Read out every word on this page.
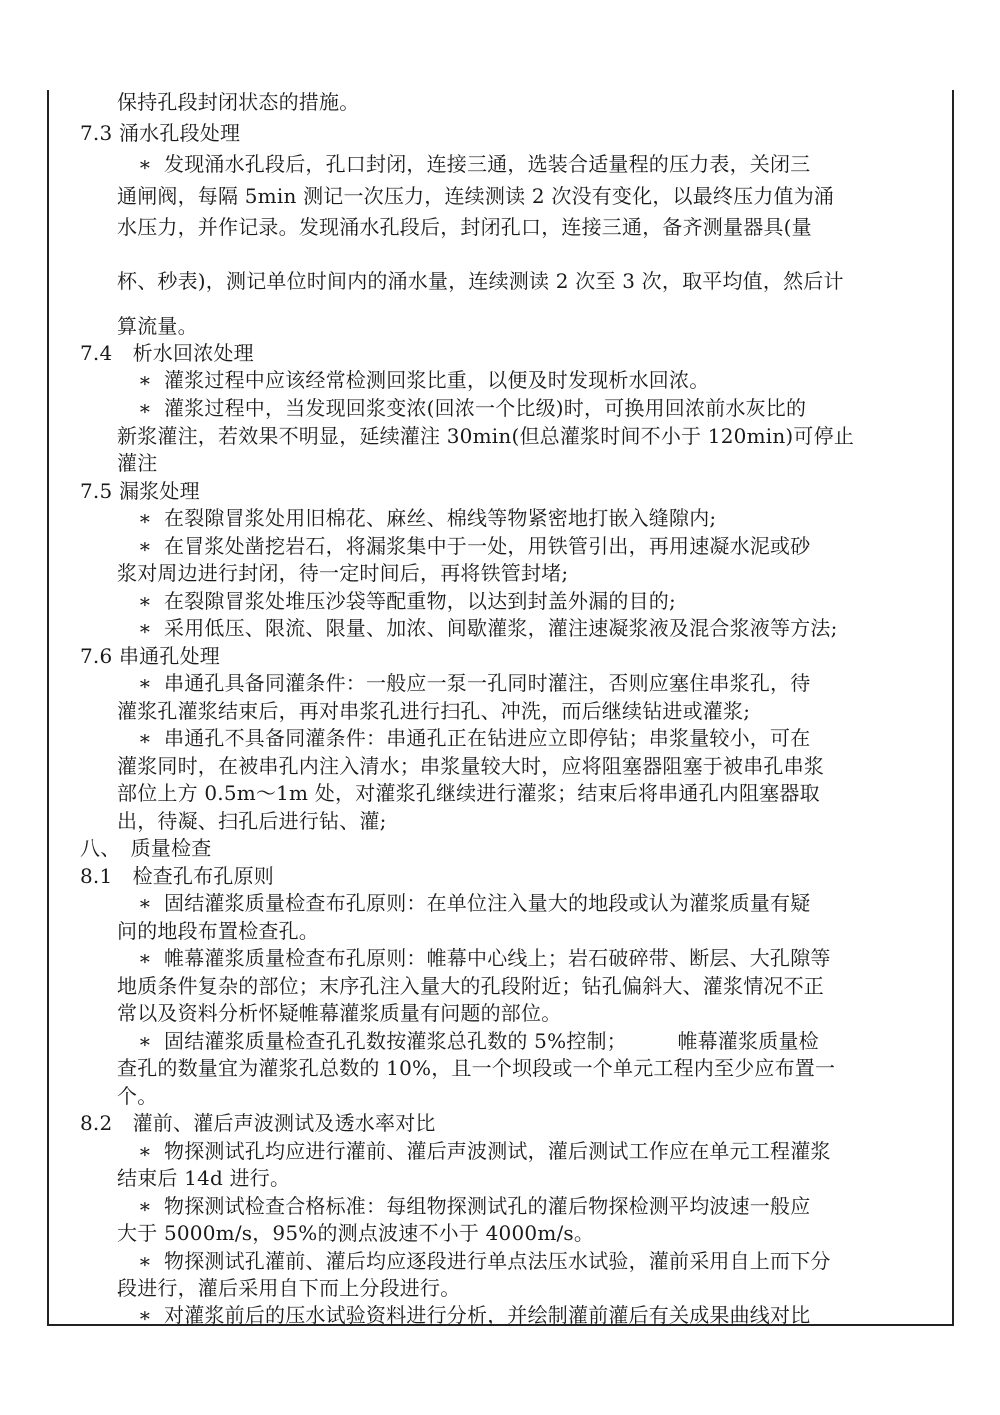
保持孔段封闭状态的措施。
7.3 涌水孔段处理
∗ 发现涌水孔段后，孔口封闭，连接三通，选装合适量程的压力表，关闭三
通闸阀，每隔 5min 测记一次压力，连续测读 2 次没有变化，以最终压力值为涌
水压力，并作记录。发现涌水孔段后，封闭孔口，连接三通，备齐测量器具(量
杯、秒表)，测记单位时间内的涌水量，连续测读 2 次至 3 次，取平均值，然后计
算流量。
7.4　析水回浓处理
∗ 灌浆过程中应该经常检测回浆比重，以便及时发现析水回浓。
∗ 灌浆过程中，当发现回浆变浓(回浓一个比级)时，可换用回浓前水灰比的
新浆灌注，若效果不明显，延续灌注 30min(但总灌浆时间不小于 120min)可停止
灌注
7.5 漏浆处理
∗ 在裂隙冒浆处用旧棉花、麻丝、棉线等物紧密地打嵌入缝隙内;
∗ 在冒浆处凿挖岩石，将漏浆集中于一处，用铁管引出，再用速凝水泥或砂
浆对周边进行封闭，待一定时间后，再将铁管封堵;
∗ 在裂隙冒浆处堆压沙袋等配重物，以达到封盖外漏的目的;
∗ 采用低压、限流、限量、加浓、间歇灌浆，灌注速凝浆液及混合浆液等方法;
7.6 串通孔处理
∗ 串通孔具备同灌条件：一般应一泵一孔同时灌注，否则应塞住串浆孔，待
灌浆孔灌浆结束后，再对串浆孔进行扫孔、冲洗，而后继续钻进或灌浆;
∗ 串通孔不具备同灌条件：串通孔正在钻进应立即停钻；串浆量较小，可在
灌浆同时，在被串孔内注入清水；串浆量较大时，应将阻塞器阻塞于被串孔串浆
部位上方 0.5m～1m 处，对灌浆孔继续进行灌浆；结束后将串通孔内阻塞器取
出，待凝、扫孔后进行钻、灌;
八、　质量检查
8.1　检查孔布孔原则
∗ 固结灌浆质量检查布孔原则：在单位注入量大的地段或认为灌浆质量有疑
问的地段布置检查孔。
∗ 帷幕灌浆质量检查布孔原则：帷幕中心线上；岩石破碎带、断层、大孔隙等
地质条件复杂的部位；末序孔注入量大的孔段附近；钻孔偏斜大、灌浆情况不正
常以及资料分析怀疑帷幕灌浆质量有问题的部位。
∗ 固结灌浆质量检查孔孔数按灌浆总孔数的 5%控制；　　　帷幕灌浆质量检
查孔的数量宜为灌浆孔总数的 10%，且一个坝段或一个单元工程内至少应布置一
个。
8.2　灌前、灌后声波测试及透水率对比
∗ 物探测试孔均应进行灌前、灌后声波测试，灌后测试工作应在单元工程灌浆
结束后 14d 进行。
∗ 物探测试检查合格标准：每组物探测试孔的灌后物探检测平均波速一般应
大于 5000m/s，95%的测点波速不小于 4000m/s。
∗ 物探测试孔灌前、灌后均应逐段进行单点法压水试验，灌前采用自上而下分
段进行，灌后采用自下而上分段进行。
∗ 对灌浆前后的压水试验资料进行分析，并绘制灌前灌后有关成果曲线对比
